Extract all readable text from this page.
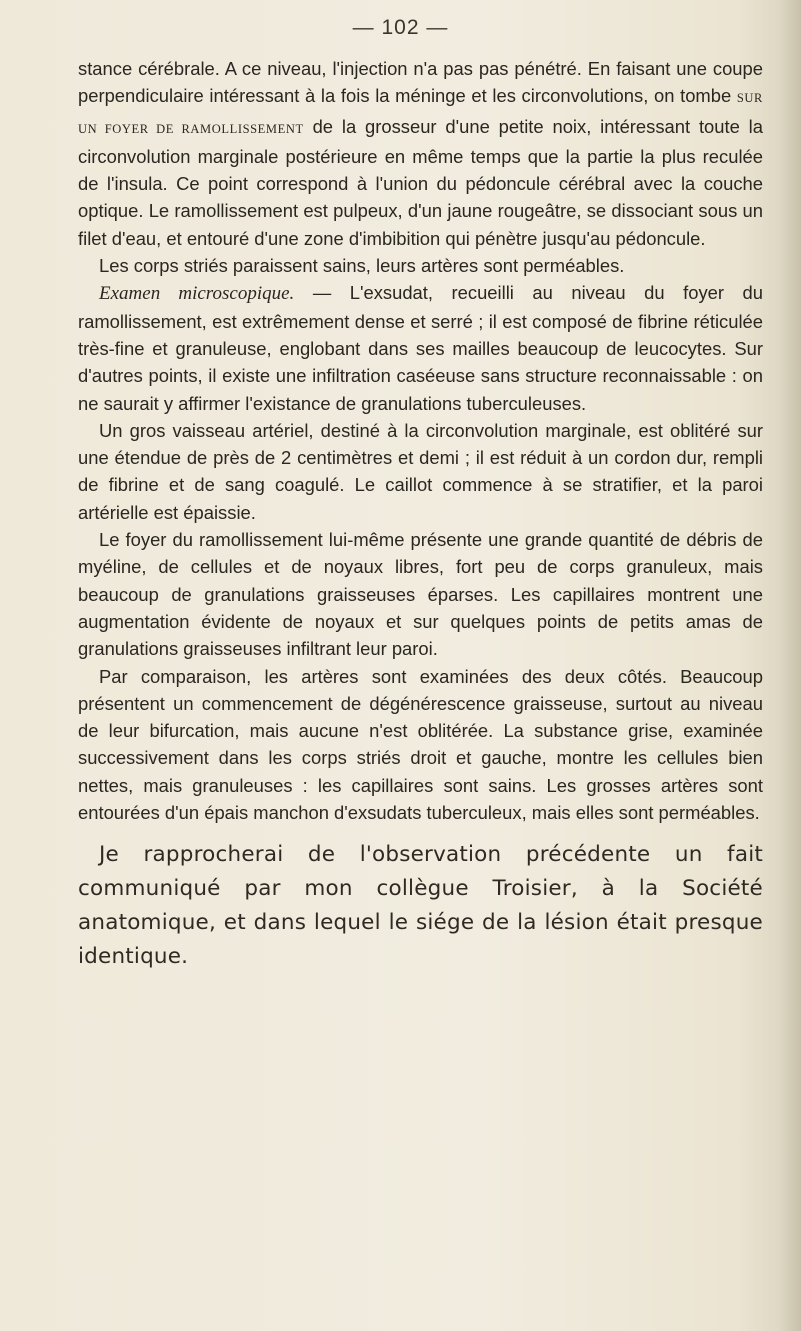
— 102 —

stance cérébrale. A ce niveau, l'injection n'a pas pas pénétré. En faisant une coupe perpendiculaire intéressant à la fois la méninge et les circonvolutions, on tombe SUR UN FOYER DE RAMOLLISSEMENT de la grosseur d'une petite noix, intéressant toute la circonvolution marginale postérieure en même temps que la partie la plus reculée de l'insula. Ce point correspond à l'union du pédoncule cérébral avec la couche optique. Le ramollissement est pulpeux, d'un jaune rougeâtre, se dissociant sous un filet d'eau, et entouré d'une zone d'imbibition qui pénètre jusqu'au pédoncule.

Les corps striés paraissent sains, leurs artères sont perméables.

Examen microscopique. — L'exsudat, recueilli au niveau du foyer du ramollissement, est extrêmement dense et serré ; il est composé de fibrine réticulée très-fine et granuleuse, englobant dans ses mailles beaucoup de leucocytes. Sur d'autres points, il existe une infiltration caséeuse sans structure reconnaissable : on ne saurait y affirmer l'existance de granulations tuberculeuses.

Un gros vaisseau artériel, destiné à la circonvolution marginale, est oblitéré sur une étendue de près de 2 centimètres et demi ; il est réduit à un cordon dur, rempli de fibrine et de sang coagulé. Le caillot commence à se stratifier, et la paroi artérielle est épaissie.

Le foyer du ramollissement lui-même présente une grande quantité de débris de myéline, de cellules et de noyaux libres, fort peu de corps granuleux, mais beaucoup de granulations graisseuses éparses. Les capillaires montrent une augmentation évidente de noyaux et sur quelques points de petits amas de granulations graisseuses infiltrant leur paroi.

Par comparaison, les artères sont examinées des deux côtés. Beaucoup présentent un commencement de dégénérescence graisseuse, surtout au niveau de leur bifurcation, mais aucune n'est oblitérée. La substance grise, examinée successivement dans les corps striés droit et gauche, montre les cellules bien nettes, mais granuleuses : les capillaires sont sains. Les grosses artères sont entourées d'un épais manchon d'exsudats tuberculeux, mais elles sont perméables.

Je rapprocherai de l'observation précédente un fait communiqué par mon collègue Troisier, à la Société anatomique, et dans lequel le siége de la lésion était presque identique.
